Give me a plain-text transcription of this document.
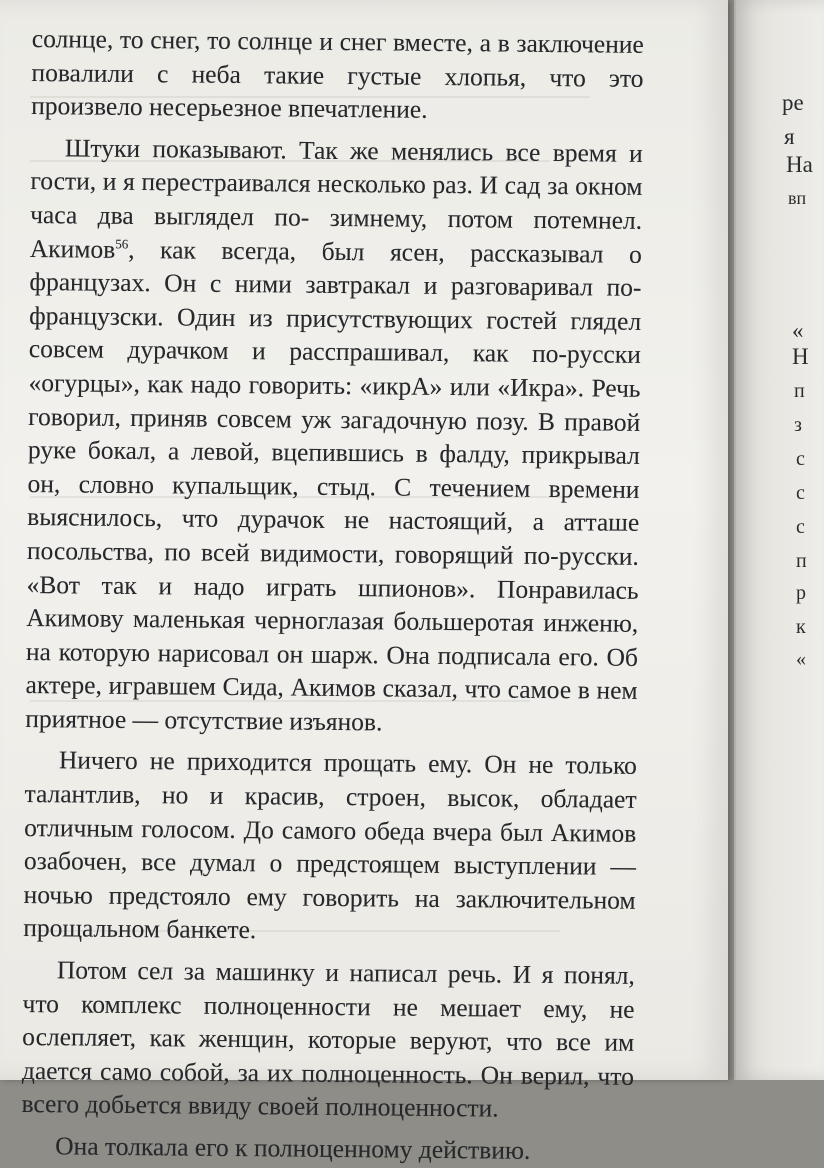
солнце, то снег, то солнце и снег вместе, а в заключение повалили с неба такие густые хлопья, что это произвело несерьезное впечатление.

Штуки показывают. Так же менялись все время и гости, и я перестраивался несколько раз. И сад за окном часа два выглядел по- зимнему, потом потемнел. Акимов$^{56}$, как всегда, был ясен, рассказывал о французах. Он с ними завтракал и разговаривал по-французски. Один из присутствующих гостей глядел совсем дурачком и расспрашивал, как по-русски «огурцы», как надо говорить: «икрА» или «Икра». Речь говорил, приняв совсем уж загадочную позу. В правой руке бокал, а левой, вцепившись в фалду, прикрывал он, словно купальщик, стыд. С течением времени выяснилось, что дурачок не настоящий, а атташе посольства, по всей видимости, говорящий по-русски. «Вот так и надо играть шпионов». Понравилась Акимову маленькая черноглазая большеротая инженю, на которую нарисовал он шарж. Она подписала его. Об актере, игравшем Сида, Акимов сказал, что самое в нем приятное — отсутствие изъянов.

Ничего не приходится прощать ему. Он не только талантлив, но и красив, строен, высок, обладает отличным голосом. До самого обеда вчера был Акимов озабочен, все думал о предстоящем выступлении — ночью предстояло ему говорить на заключительном прощальном банкете.

Потом сел за машинку и написал речь. И я понял, что комплекс полноценности не мешает ему, не ослепляет, как женщин, которые веруют, что все им дается само собой, за их полноценность. Он верил, что всего добьется ввиду своей полноценности.

Она толкала его к полноценному действию.

ре
я
На
вп
«
Н
п
з
с
с
с
п
р
к
«
